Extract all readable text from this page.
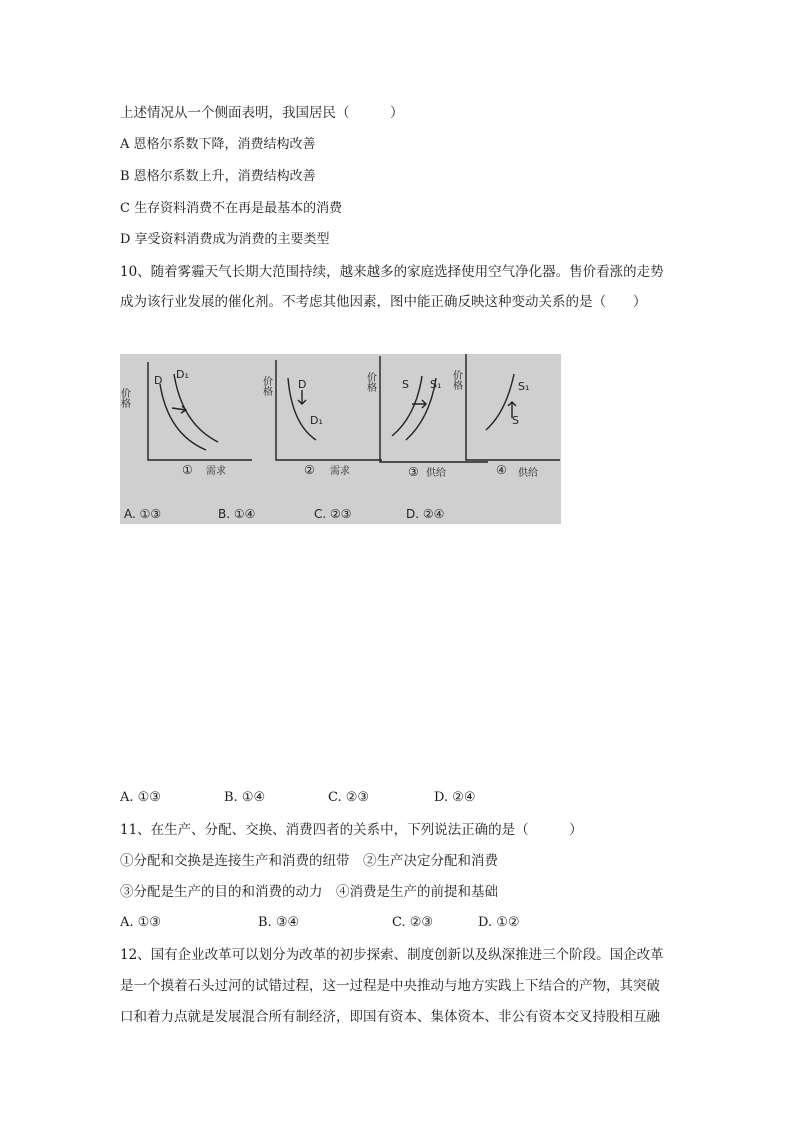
上述情况从一个侧面表明，我国居民（　　　）
A 恩格尔系数下降，消费结构改善
B 恩格尔系数上升，消费结构改善
C 生存资料消费不在再是最基本的消费
D 享受资料消费成为消费的主要类型
10、随着雾霾天气长期大范围持续，越来越多的家庭选择使用空气净化器。售价看涨的走势
成为该行业发展的催化剂。不考虑其他因素，图中能正确反映这种变动关系的是（　　）
价格
D D₁
① 需求
价格 D
D₁
② 需求
价格 S S₁
③ 供给
价格	S₁
S
④ 供给
A. ①③	B. ①④	C. ②③	D. ②④
A. ①③	B. ①④	C. ②③	D. ②④
11、在生产、分配、交换、消费四者的关系中，下列说法正确的是（　　　）
①分配和交换是连接生产和消费的纽带　②生产决定分配和消费
③分配是生产的目的和消费的动力　④消费是生产的前提和基础
A. ①③	B. ③④	C. ②③	D. ①②
12、国有企业改革可以划分为改革的初步探索、制度创新以及纵深推进三个阶段。国企改革
是一个摸着石头过河的试错过程，这一过程是中央推动与地方实践上下结合的产物，其突破
口和着力点就是发展混合所有制经济，即国有资本、集体资本、非公有资本交叉持股相互融
